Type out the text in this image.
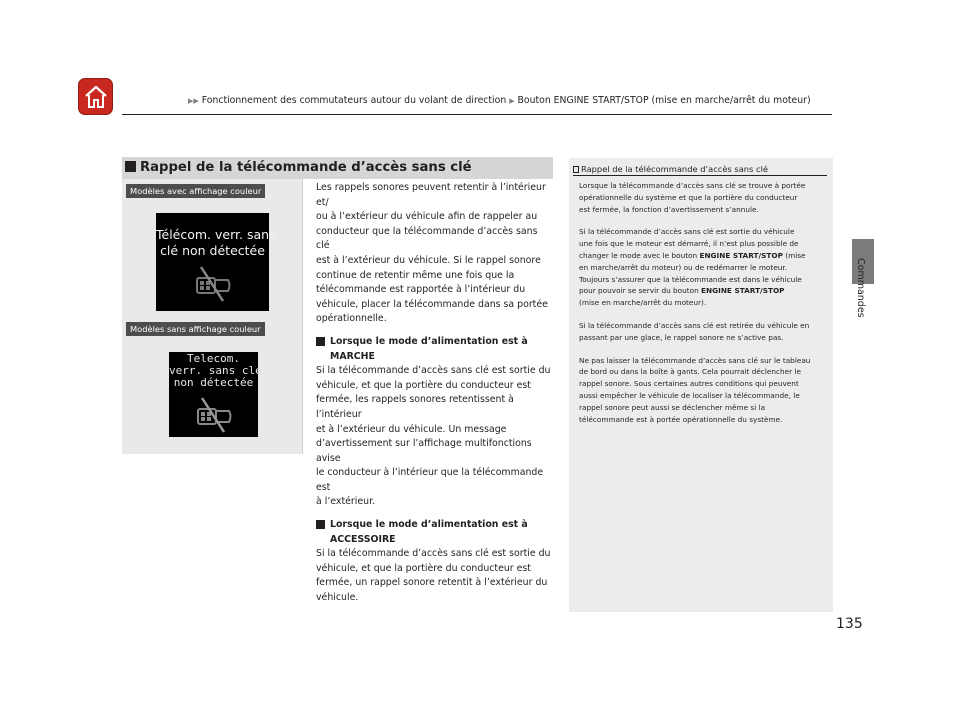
▶▶ Fonctionnement des commutateurs autour du volant de direction ▶ Bouton ENGINE START/STOP (mise en marche/arrêt du moteur)
Commandes
Rappel de la télécommande d’accès sans clé
Modèles avec affichage couleur
Télécom. verr. sans
clé non détectée
Modèles sans affichage couleur
Telecom.
verr. sans clé
non détectée

Les rappels sonores peuvent retentir à l’intérieur et/
ou à l’extérieur du véhicule afin de rappeler au
conducteur que la télécommande d’accès sans clé
est à l’extérieur du véhicule. Si le rappel sonore
continue de retentir même une fois que la
télécommande est rapportée à l’intérieur du
véhicule, placer la télécommande dans sa portée
opérationnelle.

Lorsque le mode d’alimentation est à
MARCHE

Si la télécommande d’accès sans clé est sortie du
véhicule, et que la portière du conducteur est
fermée, les rappels sonores retentissent à l’intérieur
et à l’extérieur du véhicule. Un message
d’avertissement sur l’affichage multifonctions avise
le conducteur à l’intérieur que la télécommande est
à l’extérieur.

Lorsque le mode d’alimentation est à
ACCESSOIRE

Si la télécommande d’accès sans clé est sortie du
véhicule, et que la portière du conducteur est
fermée, un rappel sonore retentit à l’extérieur du
véhicule.

Rappel de la télécommande d’accès sans clé

Lorsque la télécommande d’accès sans clé se trouve à portée
opérationnelle du système et que la portière du conducteur
est fermée, la fonction d’avertissement s’annule.

Si la télécommande d’accès sans clé est sortie du véhicule
une fois que le moteur est démarré, il n’est plus possible de
changer le mode avec le bouton ENGINE START/STOP (mise
en marche/arrêt du moteur) ou de redémarrer le moteur.
Toujours s’assurer que la télécommande est dans le véhicule
pour pouvoir se servir du bouton ENGINE START/STOP
(mise en marche/arrêt du moteur).

Si la télécommande d’accès sans clé est retirée du véhicule en
passant par une glace, le rappel sonore ne s’active pas.

Ne pas laisser la télécommande d’accès sans clé sur le tableau
de bord ou dans la boîte à gants. Cela pourrait déclencher le
rappel sonore. Sous certaines autres conditions qui peuvent
aussi empêcher le véhicule de localiser la télécommande, le
rappel sonore peut aussi se déclencher même si la
télécommande est à portée opérationnelle du système.

135
